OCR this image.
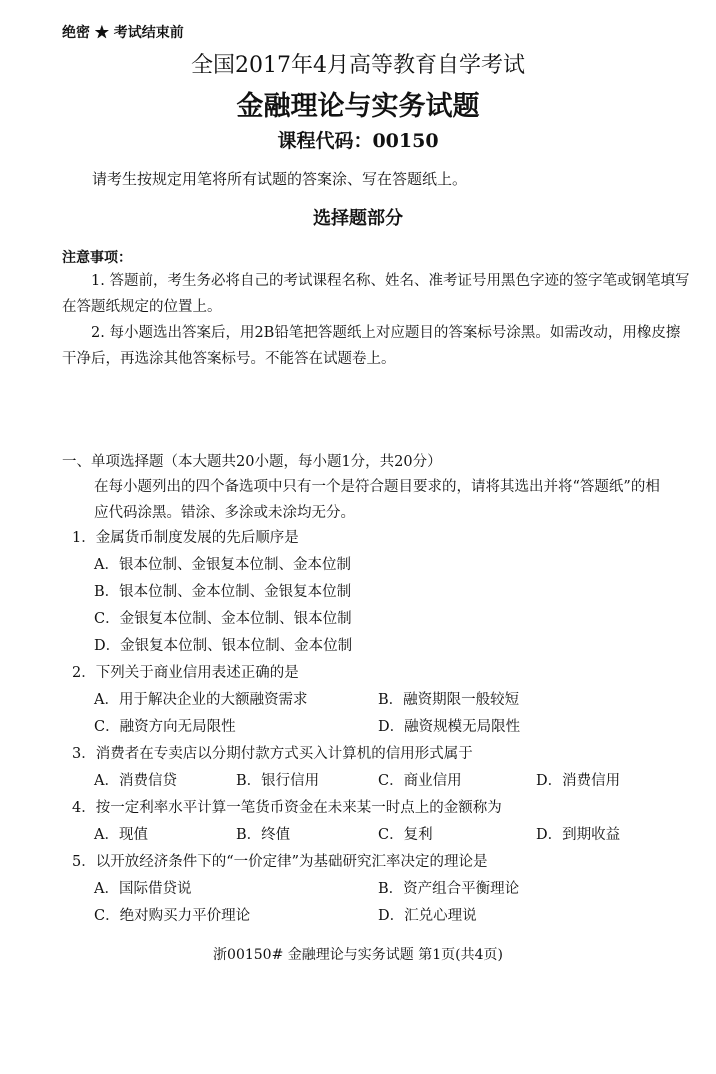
绝密 ★ 考试结束前
全国2017年4月高等教育自学考试
金融理论与实务试题
课程代码：00150
请考生按规定用笔将所有试题的答案涂、写在答题纸上。
选择题部分
注意事项：
1. 答题前，考生务必将自己的考试课程名称、姓名、准考证号用黑色字迹的签字笔或钢笔填写在答题纸规定的位置上。
2. 每小题选出答案后，用2B铅笔把答题纸上对应题目的答案标号涂黑。如需改动，用橡皮擦干净后，再选涂其他答案标号。不能答在试题卷上。
一、单项选择题（本大题共20小题，每小题1分，共20分）
在每小题列出的四个备选项中只有一个是符合题目要求的，请将其选出并将“答题纸”的相应代码涂黑。错涂、多涂或未涂均无分。
1．金属货币制度发展的先后顺序是
A．银本位制、金银复本位制、金本位制
B．银本位制、金本位制、金银复本位制
C．金银复本位制、金本位制、银本位制
D．金银复本位制、银本位制、金本位制
2．下列关于商业信用表述正确的是
A．用于解决企业的大额融资需求	B．融资期限一般较短
C．融资方向无局限性	D．融资规模无局限性
3．消费者在专卖店以分期付款方式买入计算机的信用形式属于
A．消费信贷	B．银行信用	C．商业信用	D．消费信用
4．按一定利率水平计算一笔货币资金在未来某一时点上的金额称为
A．现值	B．终值	C．复利	D．到期收益
5．以开放经济条件下的“一价定律”为基础研究汇率决定的理论是
A．国际借贷说	B．资产组合平衡理论
C．绝对购买力平价理论	D．汇兑心理说
浙00150# 金融理论与实务试题 第1页(共4页)
